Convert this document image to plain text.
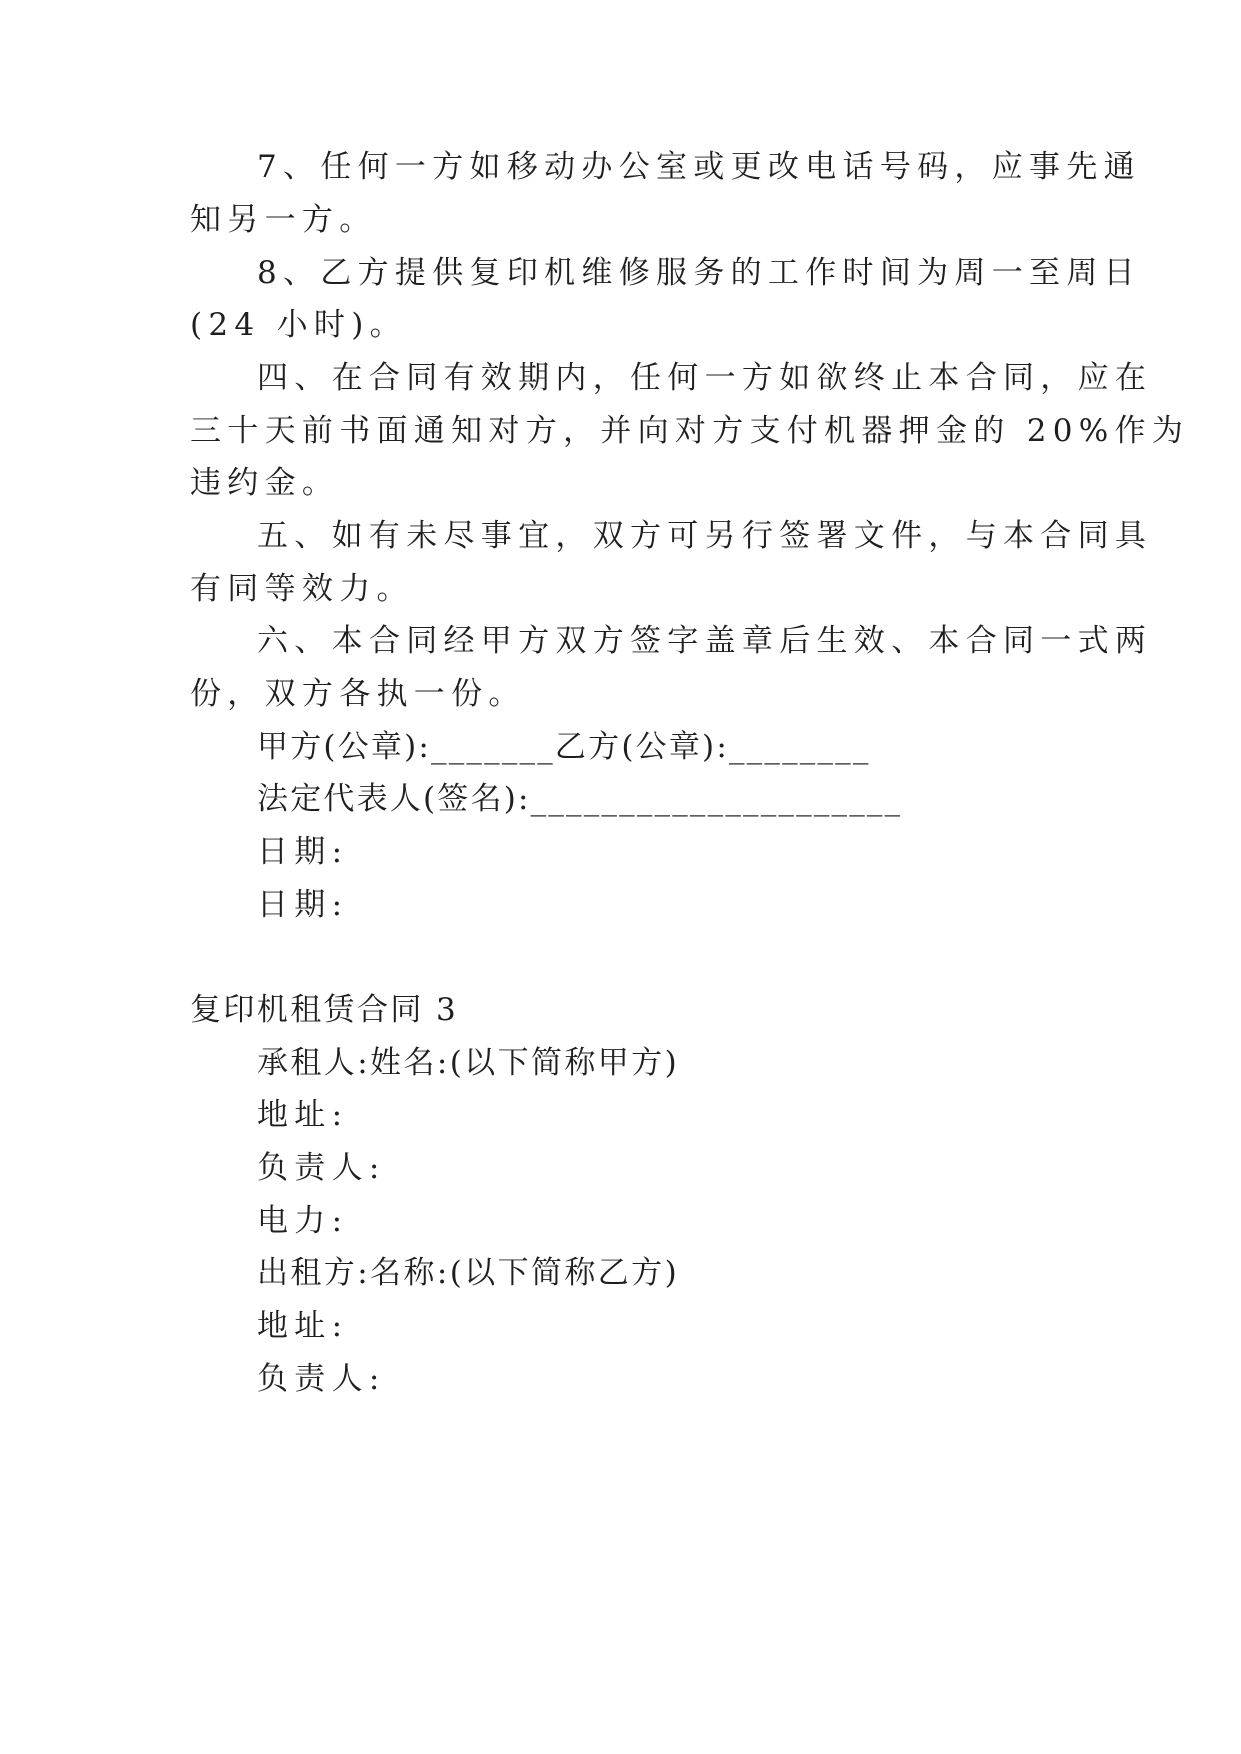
7、任何一方如移动办公室或更改电话号码，应事先通
知另一方。
8、乙方提供复印机维修服务的工作时间为周一至周日
(24 小时)。
四、在合同有效期内，任何一方如欲终止本合同，应在
三十天前书面通知对方，并向对方支付机器押金的 20%作为
违约金。
五、如有未尽事宜，双方可另行签署文件，与本合同具
有同等效力。
六、本合同经甲方双方签字盖章后生效、本合同一式两
份，双方各执一份。
甲方(公章):_______乙方(公章):________
法定代表人(签名):_____________________
日期:
日期:
复印机租赁合同 3
承租人:姓名:(以下简称甲方)
地址:
负责人:
电力:
出租方:名称:(以下简称乙方)
地址:
负责人:
